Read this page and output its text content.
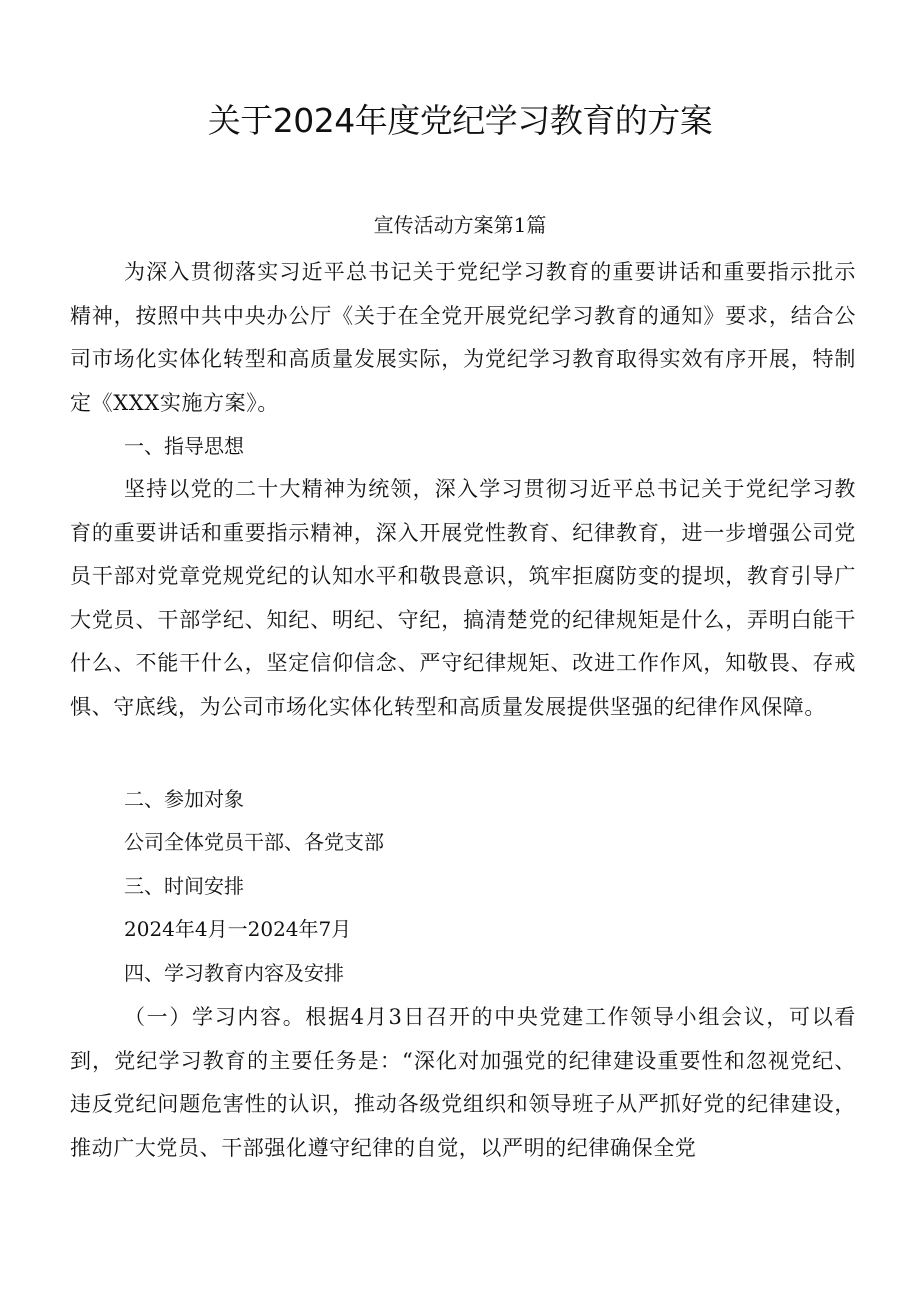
关于2024年度党纪学习教育的方案

宣传活动方案第1篇

为深入贯彻落实习近平总书记关于党纪学习教育的重要讲话和重要指示批示精神，按照中共中央办公厅《关于在全党开展党纪学习教育的通知》要求，结合公司市场化实体化转型和高质量发展实际，为党纪学习教育取得实效有序开展，特制定《XXX实施方案》。

一、指导思想

坚持以党的二十大精神为统领，深入学习贯彻习近平总书记关于党纪学习教育的重要讲话和重要指示精神，深入开展党性教育、纪律教育，进一步增强公司党员干部对党章党规党纪的认知水平和敬畏意识，筑牢拒腐防变的提坝，教育引导广大党员、干部学纪、知纪、明纪、守纪，搞清楚党的纪律规矩是什么，弄明白能干什么、不能干什么，坚定信仰信念、严守纪律规矩、改进工作作风，知敬畏、存戒惧、守底线，为公司市场化实体化转型和高质量发展提供坚强的纪律作风保障。

二、参加对象

公司全体党员干部、各党支部

三、时间安排

2024年4月一2024年7月

四、学习教育内容及安排

（一）学习内容。根据4月3日召开的中央党建工作领导小组会议，可以看到，党纪学习教育的主要任务是：“深化对加强党的纪律建设重要性和忽视党纪、违反党纪问题危害性的认识，推动各级党组织和领导班子从严抓好党的纪律建设，推动广大党员、干部强化遵守纪律的自觉，以严明的纪律确保全党
